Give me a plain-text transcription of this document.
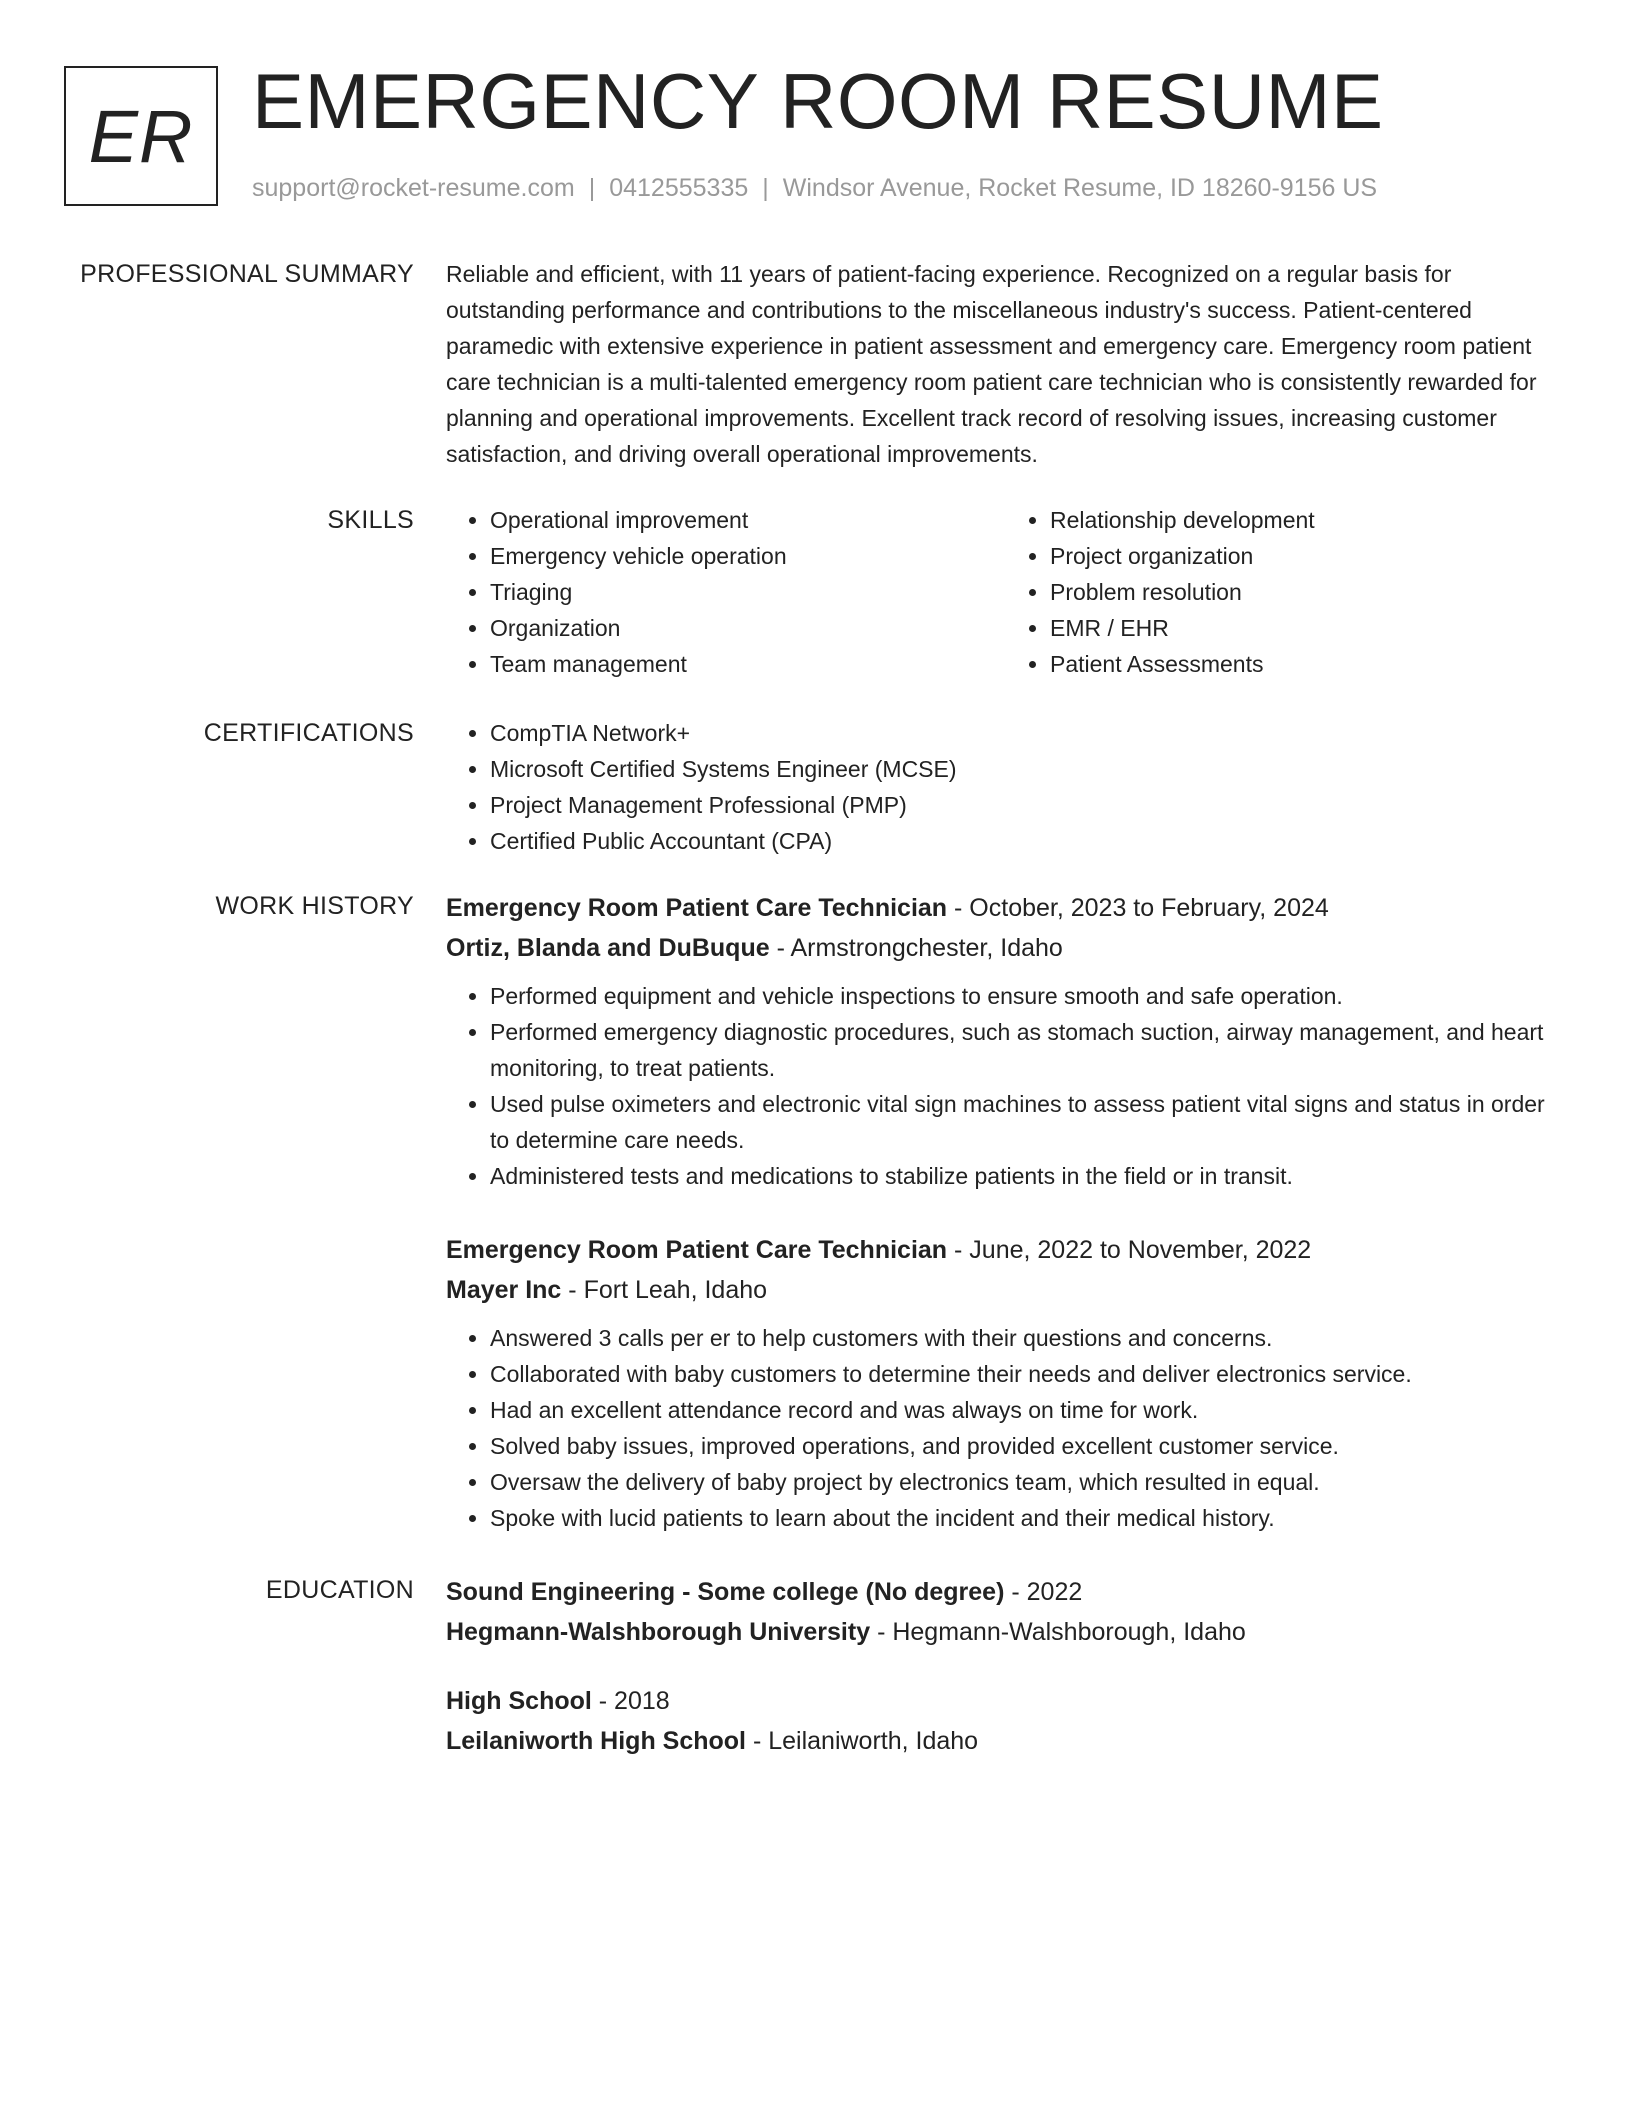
ER EMERGENCY ROOM RESUME
support@rocket-resume.com | 0412555335 | Windsor Avenue, Rocket Resume, ID 18260-9156 US
PROFESSIONAL SUMMARY Reliable and efficient, with 11 years of patient-facing experience. Recognized on a regular basis for outstanding performance and contributions to the miscellaneous industry's success. Patient-centered paramedic with extensive experience in patient assessment and emergency care. Emergency room patient care technician is a multi-talented emergency room patient care technician who is consistently rewarded for planning and operational improvements. Excellent track record of resolving issues, increasing customer satisfaction, and driving overall operational improvements.

SKILLS	• Operational improvement
• Emergency vehicle operation
• Triaging
• Organization
• Team management
• Relationship development
• Project organization
• Problem resolution
• EMR / EHR
• Patient Assessments
CERTIFICATIONS	• CompTIA Network+
• Microsoft Certified Systems Engineer (MCSE)
• Project Management Professional (PMP)
• Certified Public Accountant (CPA)
WORK HISTORY Emergency Room Patient Care Technician - October, 2023 to February, 2024
Ortiz, Blanda and DuBuque - Armstrongchester, Idaho
• Performed equipment and vehicle inspections to ensure smooth and safe operation.
• Performed emergency diagnostic procedures, such as stomach suction, airway management, and heart monitoring, to treat patients.
• Used pulse oximeters and electronic vital sign machines to assess patient vital signs and status in order to determine care needs.
• Administered tests and medications to stabilize patients in the field or in transit.
Emergency Room Patient Care Technician - June, 2022 to November, 2022
Mayer Inc - Fort Leah, Idaho
• Answered 3 calls per er to help customers with their questions and concerns.
• Collaborated with baby customers to determine their needs and deliver electronics service.
• Had an excellent attendance record and was always on time for work.
• Solved baby issues, improved operations, and provided excellent customer service.
• Oversaw the delivery of baby project by electronics team, which resulted in equal.
• Spoke with lucid patients to learn about the incident and their medical history.
EDUCATION Sound Engineering - Some college (No degree) - 2022
Hegmann-Walshborough University - Hegmann-Walshborough, Idaho
High School - 2018
Leilaniworth High School - Leilaniworth, Idaho
